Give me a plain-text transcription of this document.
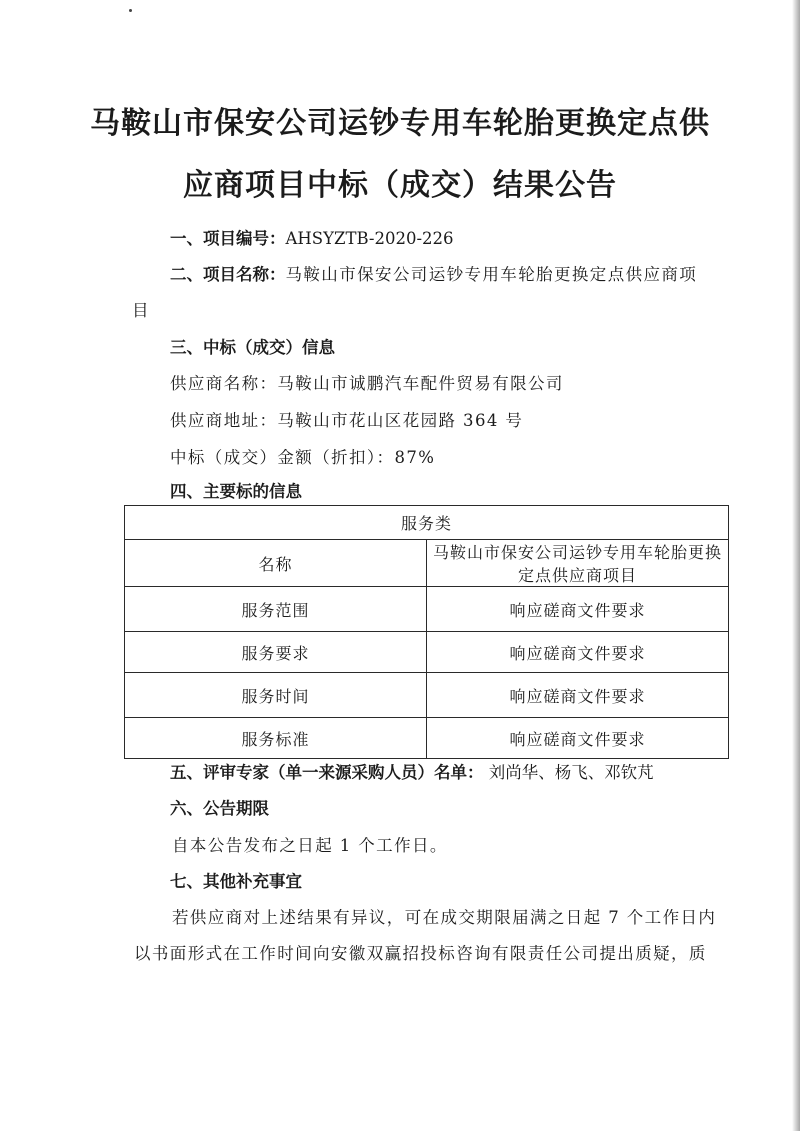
马鞍山市保安公司运钞专用车轮胎更换定点供
应商项目中标（成交）结果公告

一、项目编号：AHSYZTB-2020-226

二、项目名称：马鞍山市保安公司运钞专用车轮胎更换定点供应商项

目

三、中标（成交）信息

供应商名称：马鞍山市诚鹏汽车配件贸易有限公司

供应商地址：马鞍山市花山区花园路 364 号

中标（成交）金额（折扣）：87%

四、主要标的信息

服务类	
名称	马鞍山市保安公司运钞专用车轮胎更换定点供应商项目
服务范围	响应磋商文件要求
服务要求	响应磋商文件要求
服务时间	响应磋商文件要求
服务标准	响应磋商文件要求

五、评审专家（单一来源采购人员）名单： 刘尚华、杨飞、邓钦芃

六、公告期限

自本公告发布之日起 1 个工作日。

七、其他补充事宜

若供应商对上述结果有异议，可在成交期限届满之日起 7 个工作日内

以书面形式在工作时间向安徽双赢招投标咨询有限责任公司提出质疑，质
